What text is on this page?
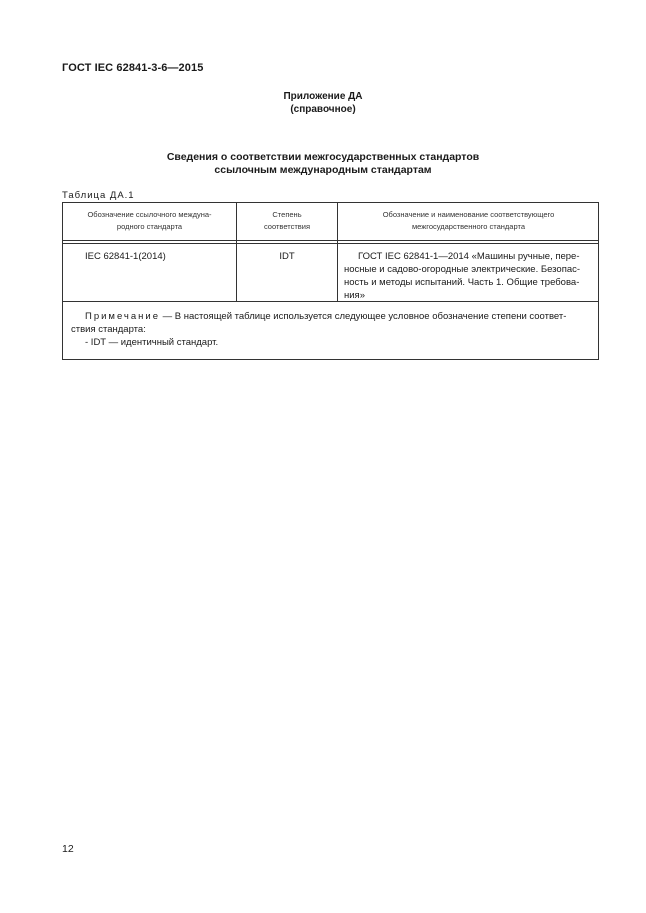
ГОСТ IEC 62841-3-6—2015
Приложение ДА
(справочное)
Сведения о соответствии межгосударственных стандартов
ссылочным международным стандартам
Таблица ДА.1
Обозначение ссылочного междуна-
родного стандарта
Степень
соответствия
Обозначение и наименование соответствующего
межгосударственного стандарта
IEC 62841-1(2014)	IDT	ГОСТ IEC 62841-1—2014 «Машины ручные, пере-
носные и садово-огородные электрические. Безопас-
ность и методы испытаний. Часть 1. Общие требова-
ния»
Примечание — В настоящей таблице используется следующее условное обозначение степени соответ-
ствия стандарта:
- IDT — идентичный стандарт.
12
